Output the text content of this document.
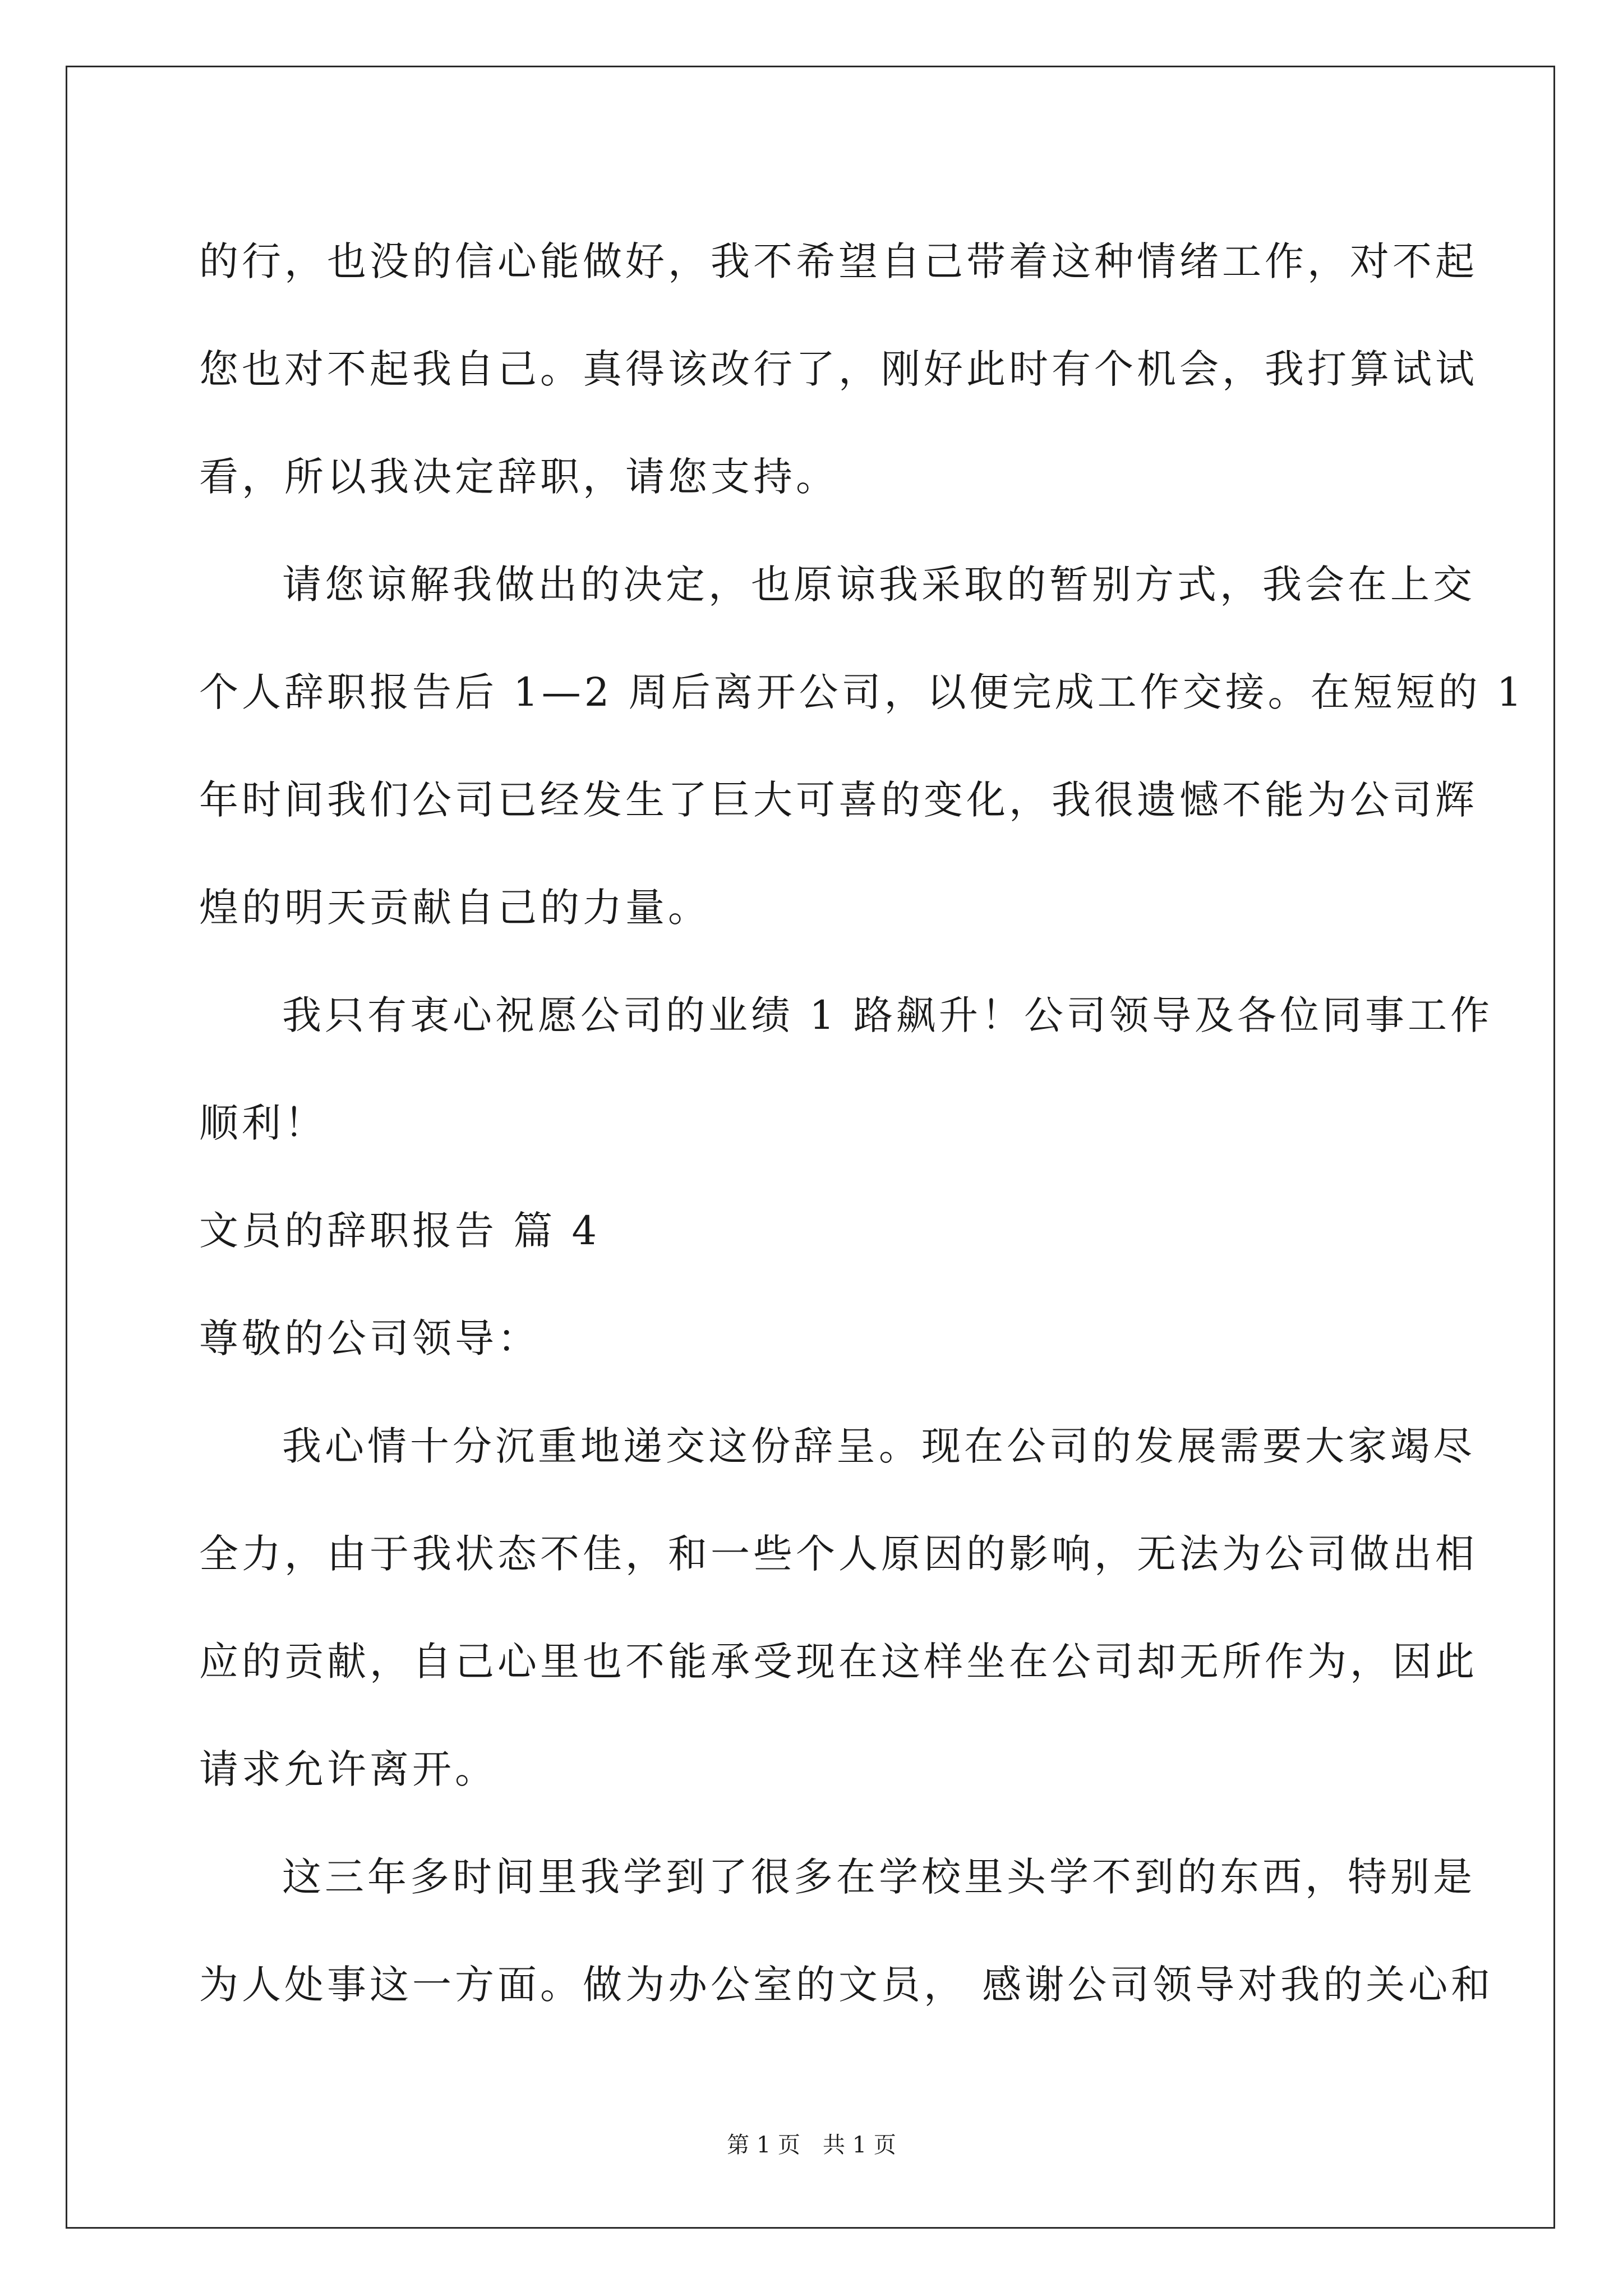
的行，也没的信心能做好，我不希望自己带着这种情绪工作，对不起
您也对不起我自己。真得该改行了，刚好此时有个机会，我打算试试
看，所以我决定辞职，请您支持。
请您谅解我做出的决定，也原谅我采取的暂别方式，我会在上交
个人辞职报告后 1—2 周后离开公司，以便完成工作交接。在短短的 1
年时间我们公司已经发生了巨大可喜的变化，我很遗憾不能为公司辉
煌的明天贡献自己的力量。
我只有衷心祝愿公司的业绩 1 路飙升！公司领导及各位同事工作
顺利！
文员的辞职报告 篇 4
尊敬的公司领导：
我心情十分沉重地递交这份辞呈。现在公司的发展需要大家竭尽
全力，由于我状态不佳，和一些个人原因的影响，无法为公司做出相
应的贡献，自己心里也不能承受现在这样坐在公司却无所作为，因此
请求允许离开。
这三年多时间里我学到了很多在学校里头学不到的东西，特别是
为人处事这一方面。做为办公室的文员， 感谢公司领导对我的关心和
第 1 页 共 1 页
